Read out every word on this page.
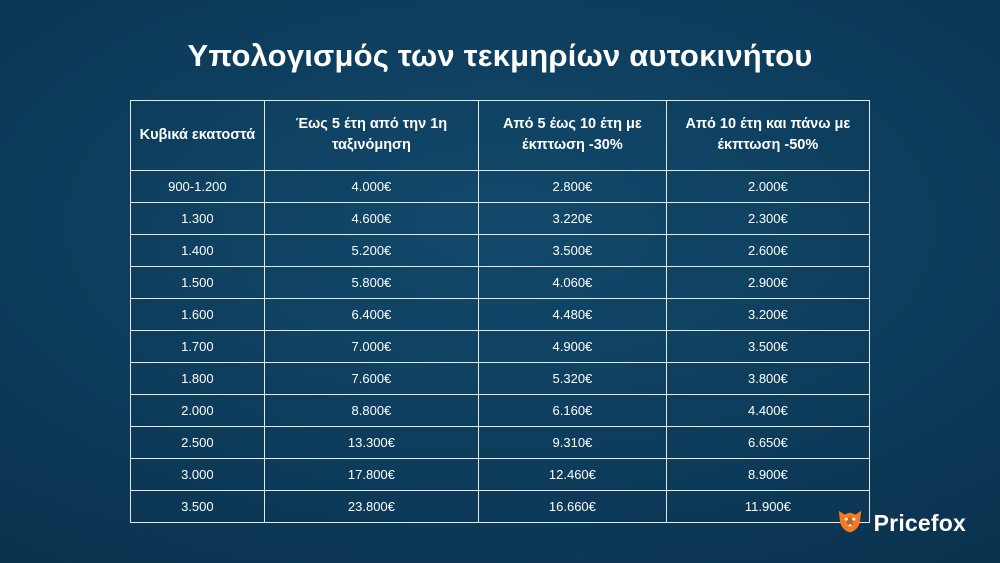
Υπολογισμός των τεκμηρίων αυτοκινήτου
Κυβικά εκατοστά	Έως 5 έτη από την 1η ταξινόμηση	Από 5 έως 10 έτη με έκπτωση -30%	Από 10 έτη και πάνω με έκπτωση -50%
900-1.200	4.000€	2.800€	2.000€
1.300	4.600€	3.220€	2.300€
1.400	5.200€	3.500€	2.600€
1.500	5.800€	4.060€	2.900€
1.600	6.400€	4.480€	3.200€
1.700	7.000€	4.900€	3.500€
1.800	7.600€	5.320€	3.800€
2.000	8.800€	6.160€	4.400€
2.500	13.300€	9.310€	6.650€
3.000	17.800€	12.460€	8.900€
3.500	23.800€	16.660€	11.900€
Pricefox
